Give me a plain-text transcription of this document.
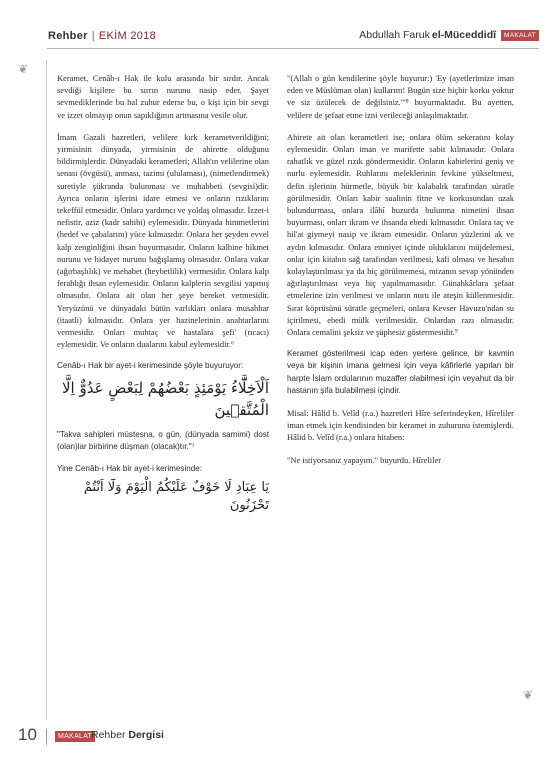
Rehber | EKİM 2018	Abdullah Faruk el-Müceddidî	MAKALAT
❦
❦

Keramet, Cenâb-ı Hak ile kulu arasında bir sırdır. Ancak sevdiği kişilere bu sırrın nurunu nasip eder. Şayet sevmediklerinde bu hal zuhur ederse bu, o kişi için bir sevgi ve izzet olmayıp onun sapıklığının artmasına vesile olur.

İmam Gazali hazretleri, velilere kırk kerametverildiğini; yirmisinin dünyada, yirmisinin de ahirette olduğunu bildirmişlerdir. Dünyadaki kerametleri; Allah'ın velilerine olan senası (övgüsü), anması, tazimi (ululaması), (nimetlendirmek) suretiyle şükranda bulunması ve muhabbeti (sevgisi)dir. Ayrıca onların işlerini idare etmesi ve onların rızıklarını tekeffül etmesidir. Onlara yardımcı ve yoldaş olmasıdır. İzzet-i nefistir, aziz (kadr sahibi) eylemesidir. Dünyada himmetlerini (hedef ve çabalarını) yüce kılmasıdır. Onlara her şeyden evvel kalp zenginliğini ihsan buyurmasıdır. Onların kalbine hikmet nurunu ve hidayet nurunu bağışlamış olmasıdır. Onlara vakar (ağırbaşlılık) ve mehabet (heybetlilik) vermesidir. Onlara kalp ferahlığı ihsan eylemesidir. Onların kalplerin sevgilisi yapmış olmasıdır. Onlara ait olan her şeye bereket vermesidir. Yeryüzünü ve dünyadaki bütün varlıkları onlara musahhar (itaatli) kılmasıdır. Onlara yer hazinelerinin anahtarlarını vermesidir. Onları muhtaç ve hastalara şefi' (rıcacı) eylemesidir. Ve onların dualarını kabul eylemesidir.⁶

Cenâb-ı Hak bir ayet-i kerimesinde şöyle buyuruyor:

اَلْاَخِلَّٓاءُ يَوْمَئِذٍ بَعْضُهُمْ لِبَعْضٍ عَدُوٌّ اِلَّا الْمُتَّق۪ينَ

"Takva sahipleri müstesna, o gün, (dünyada samimi) dost (olan)lar birbirine düşman (olacak)tır."⁷

Yine Cenâb-ı Hak bir ayet-i kerimesinde:

يَا عِبَادِ لَا خَوْفٌ عَلَيْكُمُ الْيَوْمَ وَلَٓا اَنْتُمْ تَحْزَنُونَ

"(Allah o gün kendilerine şöyle buyurur:) 'Ey (ayetlerimize iman eden ve Müslüman olan) kullarım! Bugün size hiçbir korku yoktur ve siz üzülecek de değilsiniz.'"⁸ buyurmaktadır. Bu ayetten, velilere de şefaat etme izni verileceği anlaşılmaktadır.

Ahirete ait olan kerametleri ise; onlara ölüm sekeratını kolay eylemesidir. Onları iman ve marifette sabit kılmasıdır. Onlara rahatlık ve güzel rızık göndermesidir. Onların kabirlerini geniş ve nurlu eylemesidir. Ruhlarını meleklerinin fevkine yükseltmesi, defin işlerinin hürmetle, büyük bir kalabalık tarafından süratle görülmesidir. Onları kabir sualinin fitne ve korkusundan uzak bulundurması, onlara ilâhî huzurda bulunma nimetini ihsan buyurması, onları ikram ve ihsanda ebedi kılmasıdır. Onlara taç ve hil'at giymeyi nasip ve ikram etmesidir. Onların yüzlerini ak ve aydın kılmasıdır. Onlara emniyet içinde olduklarını müjdelemesi, onlar için kitabın sağ tarafından verilmesi, kafi olması ve hesabın kolaylaştırılması ya da hiç görülmemesi, mizanın sevap yönünden ağırlaştırılması veya hiç yapılmamasıdır. Günahkârlara şefaat etmelerine izin verilmesi ve onların nuru ile ateşin küllenmesidir. Sırat köprüsünü süratle geçmeleri, onlara Kevser Havuzu'ndan su içirilmesi, ebedi mülk verilmesidir. Onlardan razı olmasıdır. Onlara cemalini şeksiz ve şüphesiz göstermesidir.⁹

Keramet gösterilmesi icap eden yerlere gelince, bir kavmin veya bir kişinin imana gelmesi için veya kâfirlerle yapılan bir harpte İslam ordularının muzaffer olabilmesi için veyahut da bir hastanın şifa bulabilmesi içindir.

Misal: Hâlid b. Velîd (r.a.) hazretleri Hîre seferindeyken, Hîreliler iman etmek için kendisinden bir keramet in zuhurunu istemişlerdi. Hâlid b. Velîd (r.a.) onlara hitaben:

"Ne istiyorsanız yapayım." buyurdu. Hîreliler

10	MAKALAT
Rehber Dergisi
